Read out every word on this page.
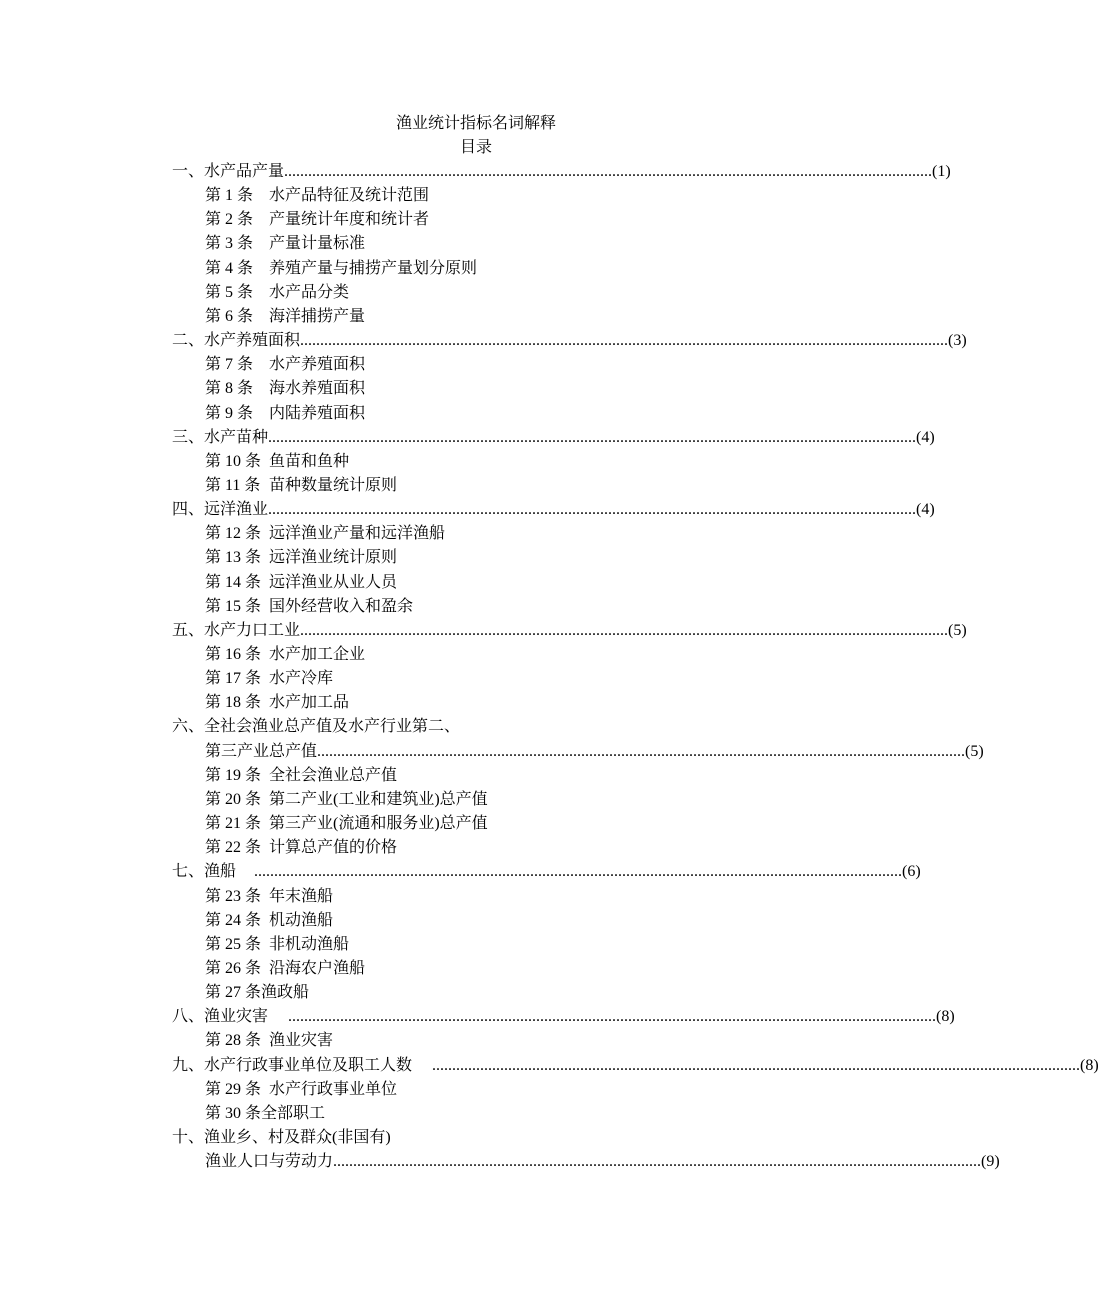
渔业统计指标名词解释
目录
一、水产品产量 .................................................................................................................................................................. (1)
第 1 条 水产品特征及统计范围
第 2 条 产量统计年度和统计者
第 3 条 产量计量标准
第 4 条 养殖产量与捕捞产量划分原则
第 5 条 水产品分类
第 6 条 海洋捕捞产量
二、水产养殖面积 .................................................................................................................................................................. (3)
第 7 条 水产养殖面积
第 8 条 海水养殖面积
第 9 条 内陆养殖面积
三、水产苗种 .................................................................................................................................................................. (4)
第 10 条 鱼苗和鱼种
第 11 条 苗种数量统计原则
四、远洋渔业 .................................................................................................................................................................. (4)
第 12 条 远洋渔业产量和远洋渔船
第 13 条 远洋渔业统计原则
第 14 条 远洋渔业从业人员
第 15 条 国外经营收入和盈余
五、水产力口工业 .................................................................................................................................................................. (5)
第 16 条 水产加工企业
第 17 条 水产冷库
第 18 条 水产加工品
六、全社会渔业总产值及水产行业第二、
第三产业总产值 .................................................................................................................................................................. (5)
第 19 条 全社会渔业总产值
第 20 条 第二产业(工业和建筑业)总产值
第 21 条 第三产业(流通和服务业)总产值
第 22 条 计算总产值的价格
七、渔船 .................................................................................................................................................................. (6)
第 23 条 年末渔船
第 24 条 机动渔船
第 25 条 非机动渔船
第 26 条 沿海农户渔船
第 27 条渔政船
八、渔业灾害 .................................................................................................................................................................. (8)
第 28 条 渔业灾害
九、水产行政事业单位及职工人数 .................................................................................................................................................................. (8)
第 29 条 水产行政事业单位
第 30 条全部职工
十、渔业乡、村及群众(非国有)
渔业人口与劳动力 .................................................................................................................................................................. (9)
